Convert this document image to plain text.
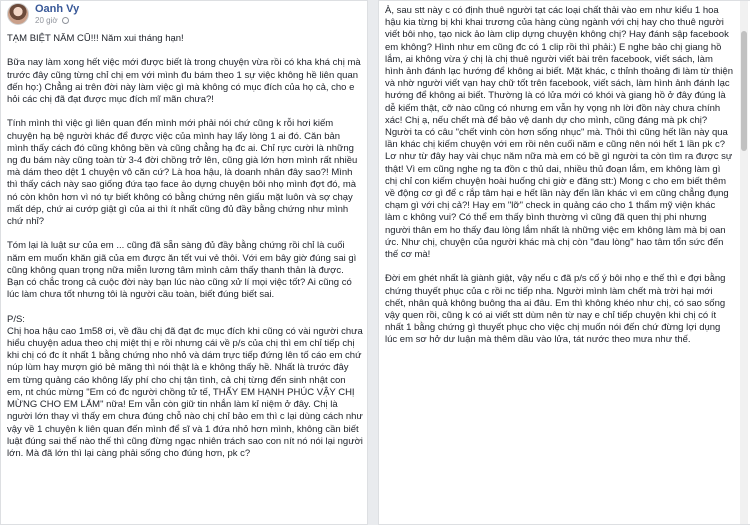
Oanh Vy
20 giờ
TẠM BIỆT NĂM CŨ!!! Năm xui tháng hạn!

Bữa nay làm xong hết việc mới được biết là trong chuyện vừa rồi có kha khá chị mà trước đây cũng từng chỉ chị em với mình đu bám theo 1 sự việc không hề liên quan đến họ:) Chẳng ai trên đời này làm việc gì mà không có mục đích của họ cả, cho e hỏi các chị đã đạt được mục đích mĩ mãn chưa?!

Tính mình thì việc gì liên quan đến mình mới phải nói chứ cũng k rỗi hơi kiếm chuyện hạ bệ người khác để được việc của mình hay lấy lòng 1 ai đó. Căn bản mình thấy cách đó cũng không bền và cũng chẳng hạ đc ai. Chỉ rực cười là những ng đu bám này cũng toàn từ 3-4 đời chồng trở lên, cũng già lớn hơn mình rất nhiều mà dám theo dệt 1 chuyện vô căn cứ? Là hoa hậu, là doanh nhân đây sao?! Mình thì thấy cách này sao giống đứa tạo face ảo dựng chuyện bôi nhọ mình đợt đó, mà nó còn khôn hơn vì nó tự biết không có bằng chứng nên giấu mặt luôn và sợ chạy mất dép, chứ ai cướp giật gì của ai thì ít nhất cũng đủ đầy bằng chứng như mình chứ nhỉ?

Tóm lại là luật sư của em ... cũng đã sẵn sàng đủ đầy bằng chứng rồi chỉ là cuối năm em muốn khăn giã của em được ăn tết vui vẻ thôi. Với em bây giờ đúng sai gì cũng không quan trọng nữa miễn lương tâm mình cảm thấy thanh thản là được. Bạn có chắc trong cả cuộc đời này bạn lúc nào cũng xử lí mọi việc tốt? Ai cũng có lúc làm chưa tốt nhưng tôi là người cầu toàn, biết đúng biết sai.

P/S:
Chị hoa hậu cao 1m58 ơi, về đầu chị đã đạt đc mục đích khi cũng có vài người chưa hiểu chuyện adua theo chị miệt thị e rồi nhưng cái về p/s của chị thì em chỉ tiếp chị khi chị có đc ít nhất 1 bằng chứng nho nhỏ và dám trực tiếp đứng lên tố cáo em chứ núp lùm hay mượn gió bẻ măng thì nói thật là e không thấy hề. Nhất là trước đây em từng quảng cáo không lấy phí cho chị tận tình, cả chị từng đến sinh nhật con em, nt chúc mừng "Em có đc người chồng tử tế, THẤY EM HẠNH PHÚC VẬY CHỊ MỪNG CHO EM LẮM" nữa! Em vẫn còn giữ tin nhắn làm kỉ niệm ở đây. Chị là người lớn thay vì thấy em chưa đúng chỗ nào chị chỉ bảo em thì c lại dùng cách như vậy về 1 chuyện k liên quan đến mình để sĩ và 1 đứa nhỏ hơn mình, không cần biết luật đúng sai thế nào thế thì cũng đừng ngạc nhiên trách sao con nít nó nói lại người lớn. Mà đã lớn thì lại càng phải sống cho đúng hơn, pk c?
À, sau stt này c có định thuê người tạt các loại chất thải vào em như kiểu 1 hoa hậu kia từng bị khi khai trương của hàng cùng ngành với chị hay cho thuê người viết bôi nhọ, tạo nick ảo làm clip dựng chuyện không chị? Hay đánh sập facebook em không? Hình như em cũng đc có 1 clip rồi thì phải:) E nghe bảo chị giang hồ lắm, ai không vừa ý chị là chị thuê người viết bài trên facebook, viết sách, làm hình ảnh đánh lạc hướng để không ai biết. Mặt khác, c thỉnh thoảng đi làm từ thiện và nhờ người viết vạn hay chữ tốt trên facebook, viết sách, làm hình ảnh đánh lạc hướng để không ai biết. Thường là có lửa mới có khói và giang hồ ở đây đúng là dễ kiếm thật, cỡ nào cũng có nhưng em vẫn hy vọng nh lời đồn này chưa chính xác! Chị ạ, nếu chết mà để bảo vệ danh dự cho mình, cũng đáng mà pk chị? Người ta có câu "chết vinh còn hơn sống nhục" mà. Thôi thì cũng hết lần này qua lần khác chị kiếm chuyện với em rồi nên cuối năm e cũng nên nói hết 1 lần pk c?
Lơ như từ đây hay vài chục năm nữa mà em có bề gì người ta còn tìm ra được sự thật! Vì em cũng nghe ng ta đồn c thủ dai, nhiều thủ đoạn lắm, em không làm gì chị chỉ con kiếm chuyện hoài huống chi giờ e đăng stt:) Mong c cho em biết thêm về động cơ gì để c rắp tâm hại e hết lần này đến lần khác vì em cũng chẳng đụng chạm gì với chị cả?! Hay em "lỡ" check in quảng cáo cho 1 thẩm mỹ viện khác làm c không vui? Có thể em thấy bình thường vì cũng đã quen thị phi nhưng người thân em ho thấy đau lòng lắm nhất là những việc em không làm mà bị oan ức. Như chị, chuyện của người khác mà chị còn "đau lòng" hao tâm tổn sức đến thế cơ mà!

Đời em ghét nhất là giành giật, vậy nếu c đã p/s cố ý bôi nhọ e thế thì e đợi bằng chứng thuyết phục của c rồi nc tiếp nha. Người mình làm chết mà trời hại mới chết, nhân quả không buông tha ai đâu. Em thì không khéo như chị, có sao sống vậy quen rồi, cũng k có ai viết stt dùm nên từ nay e chỉ tiếp chuyện khi chị có ít nhất 1 bằng chứng gì thuyết phục cho việc chị muốn nói đến chứ đừng lợi dụng lúc em sơ hở dư luận mà thêm dầu vào lửa, tát nước theo mưa như thế.
